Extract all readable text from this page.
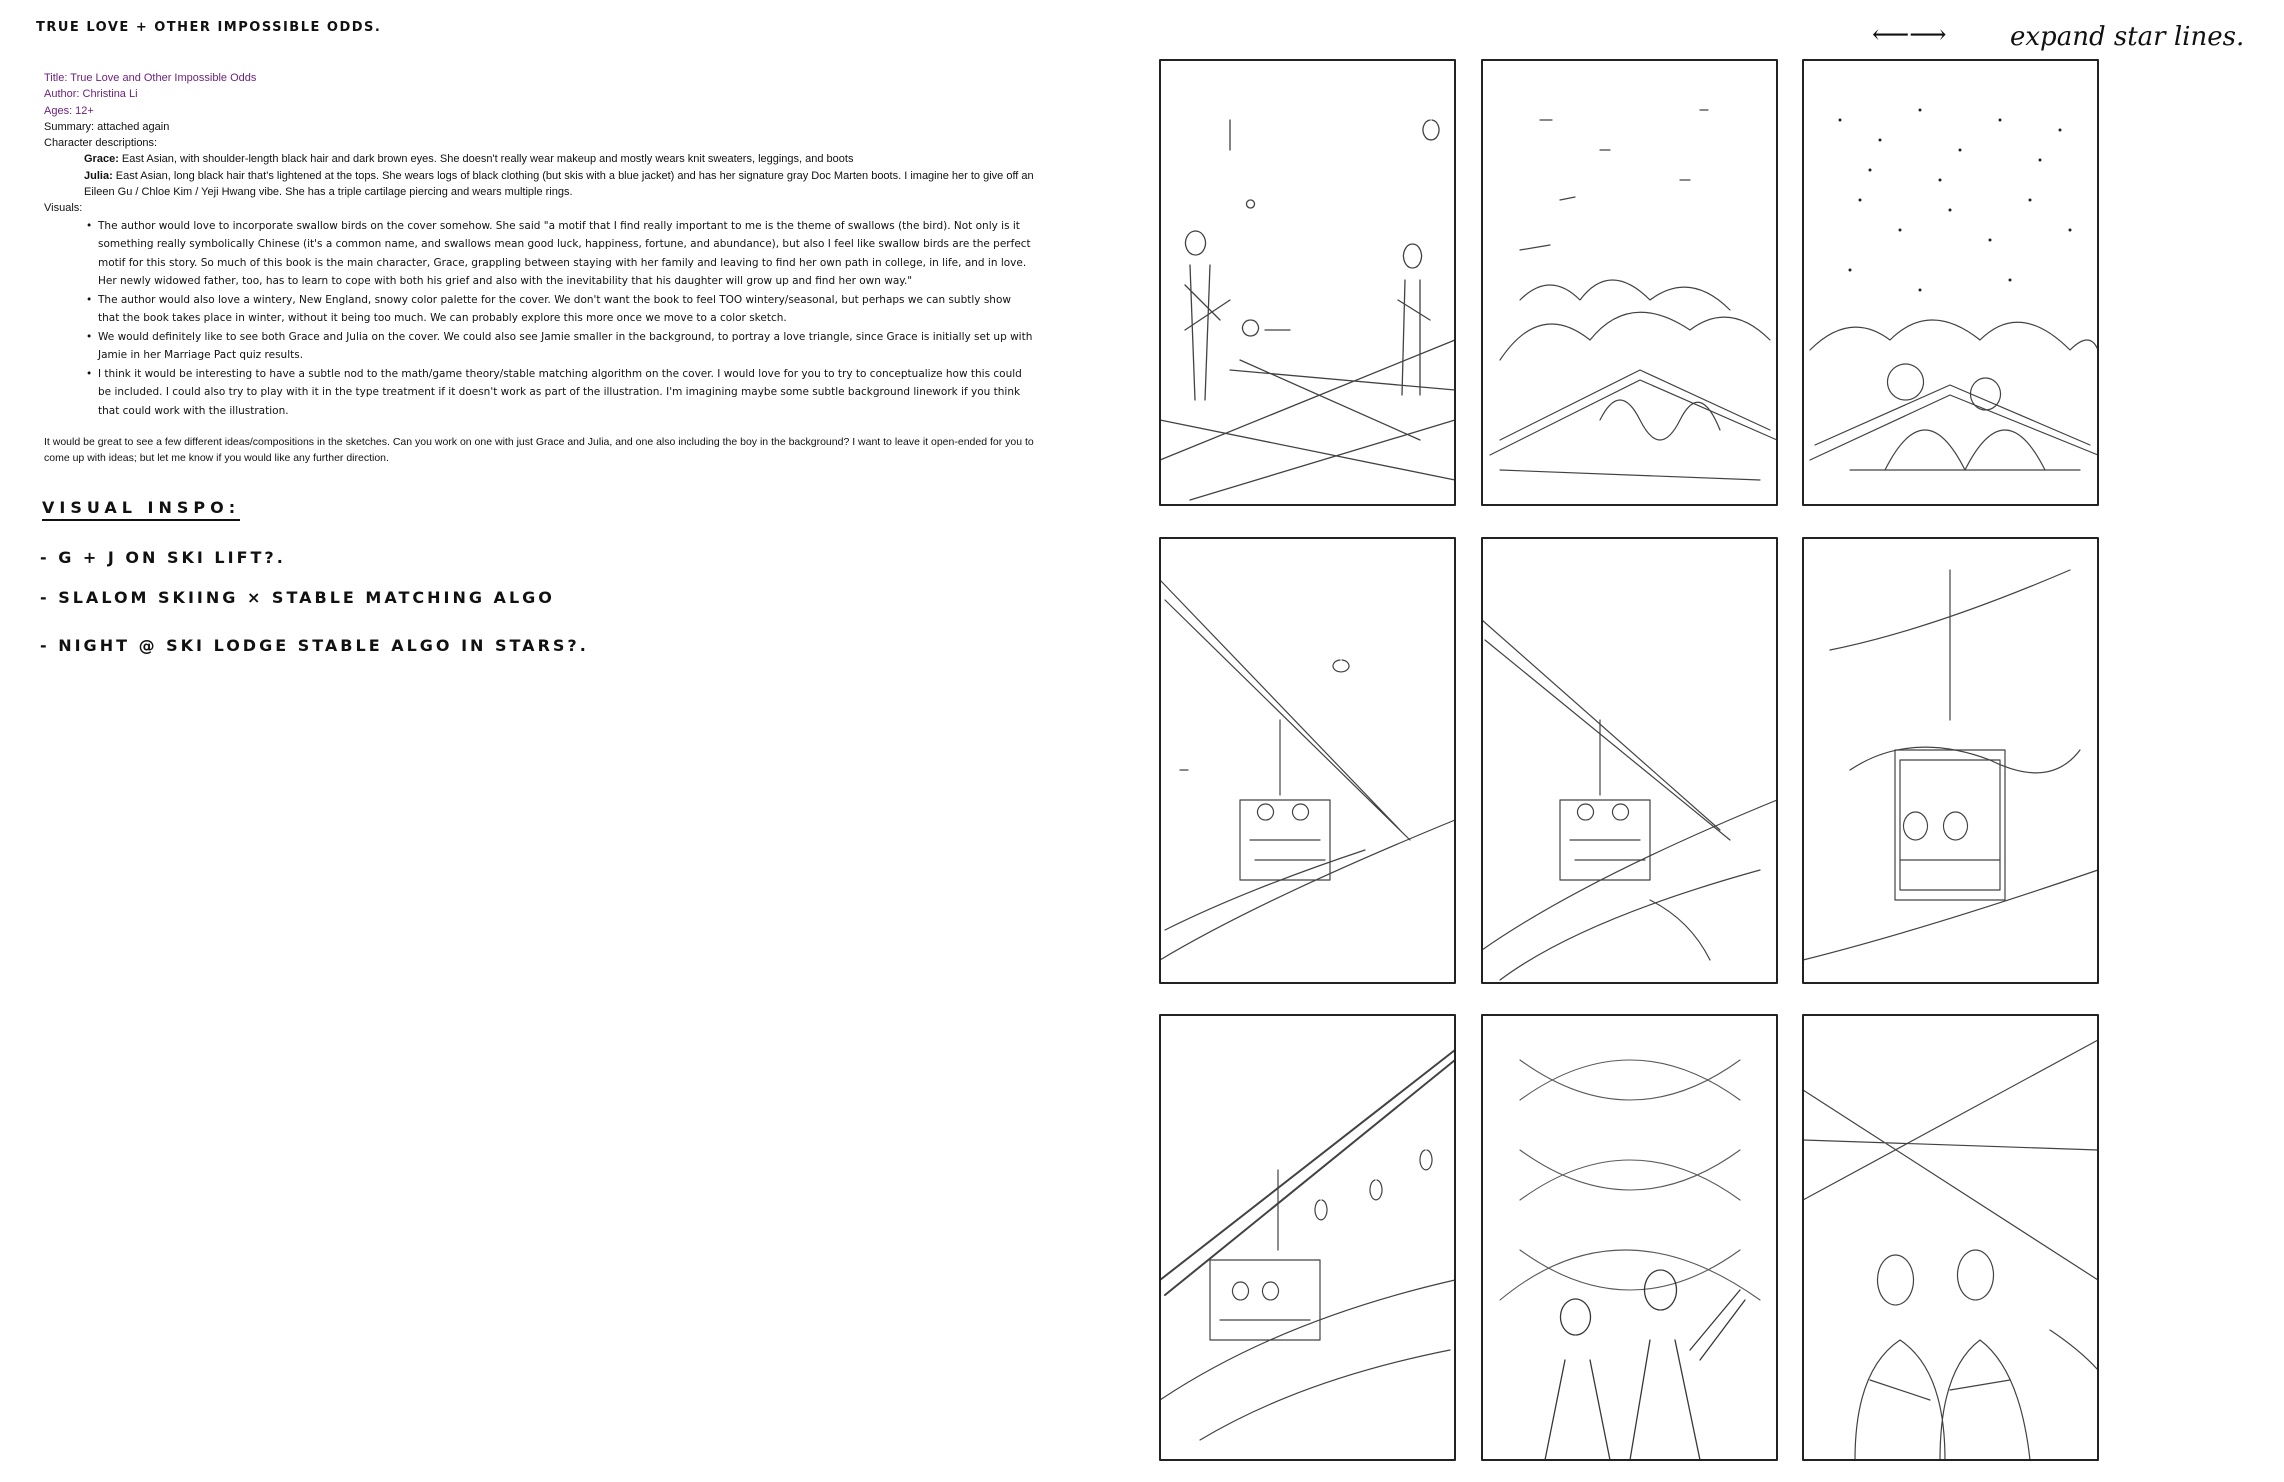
TRUE LOVE + OTHER IMPOSSIBLE ODDS.
Title: True Love and Other Impossible Odds
Author: Christina Li
Ages: 12+
Summary: attached again
Character descriptions:
Grace: East Asian, with shoulder-length black hair and dark brown eyes. She doesn't really wear makeup and mostly wears knit sweaters, leggings, and boots
Julia: East Asian, long black hair that's lightened at the tops. She wears logs of black clothing (but skis with a blue jacket) and has her signature gray Doc Marten boots. I imagine her to give off an Eileen Gu / Chloe Kim / Yeji Hwang vibe. She has a triple cartilage piercing and wears multiple rings.
Visuals:
• The author would love to incorporate swallow birds on the cover somehow. She said "a motif that I find really important to me is the theme of swallows (the bird). Not only is it something really symbolically Chinese (it's a common name, and swallows mean good luck, happiness, fortune, and abundance), but also I feel like swallow birds are the perfect motif for this story. So much of this book is the main character, Grace, grappling between staying with her family and leaving to find her own path in college, in life, and in love. Her newly widowed father, too, has to learn to cope with both his grief and also with the inevitability that his daughter will grow up and find her own way."
• The author would also love a wintery, New England, snowy color palette for the cover. We don't want the book to feel TOO wintery/seasonal, but perhaps we can subtly show that the book takes place in winter, without it being too much. We can probably explore this more once we move to a color sketch.
• We would definitely like to see both Grace and Julia on the cover. We could also see Jamie smaller in the background, to portray a love triangle, since Grace is initially set up with Jamie in her Marriage Pact quiz results.
• I think it would be interesting to have a subtle nod to the math/game theory/stable matching algorithm on the cover. I would love for you to try to conceptualize how this could be included. I could also try to play with it in the type treatment if it doesn't work as part of the illustration. I'm imagining maybe some subtle background linework if you think that could work with the illustration.
It would be great to see a few different ideas/compositions in the sketches. Can you work on one with just Grace and Julia, and one also including the boy in the background? I want to leave it open-ended for you to come up with ideas; but let me know if you would like any further direction.
VISUAL INSPO:
- G + J ON SKI LIFT?.
- SLALOM SKIING × STABLE MATCHING ALGO
- NIGHT @ SKI LODGE STABLE ALGO IN STARS?.
⟵⟶ expand star lines.
